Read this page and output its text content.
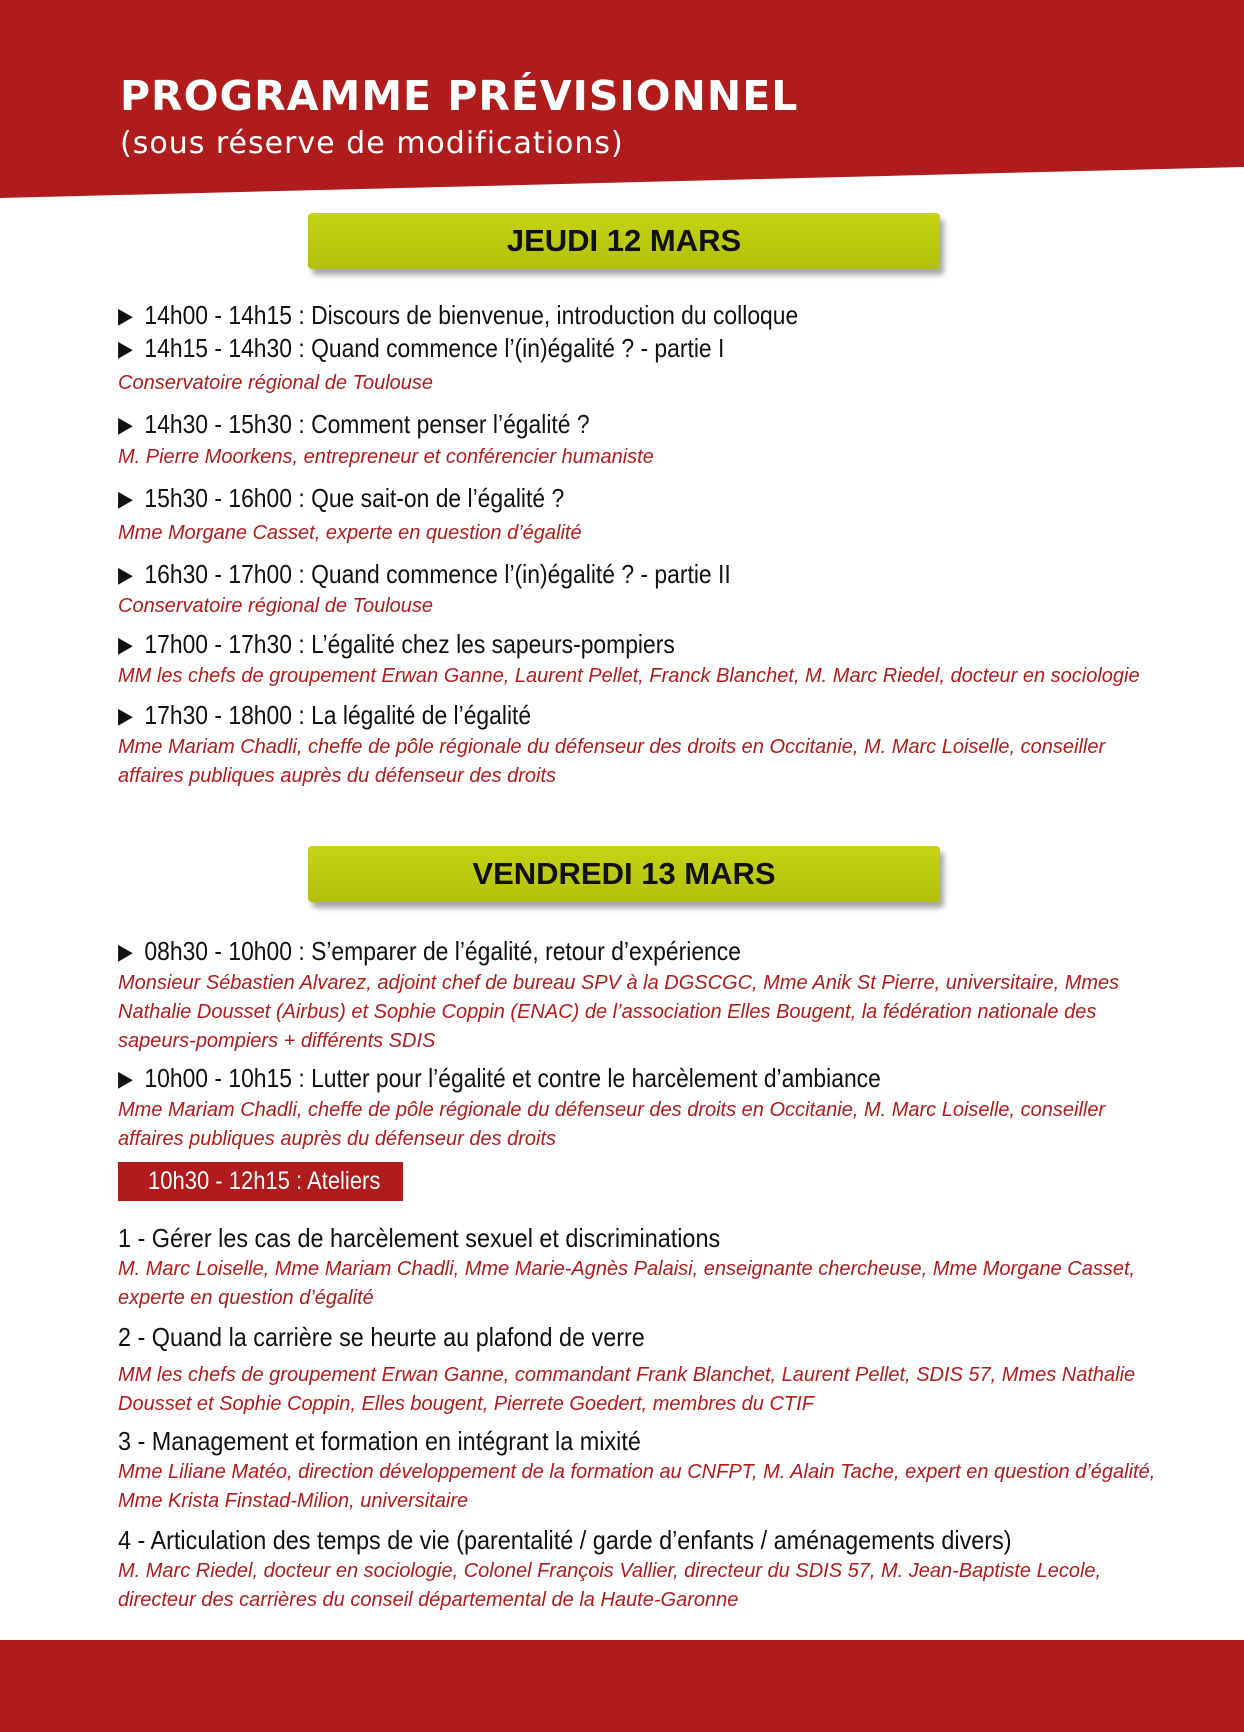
PROGRAMME PRÉVISIONNEL
(sous réserve de modifications)
JEUDI 12 MARS
▶ 14h00 - 14h15 : Discours de bienvenue, introduction du colloque
▶ 14h15 - 14h30 : Quand commence l’(in)égalité ? - partie I
Conservatoire régional de Toulouse
▶ 14h30 - 15h30 : Comment penser l’égalité ?
M. Pierre Moorkens, entrepreneur et conférencier humaniste
▶ 15h30 - 16h00 : Que sait-on de l’égalité ?
Mme Morgane Casset, experte en question d’égalité
▶ 16h30 - 17h00 : Quand commence l’(in)égalité ? - partie II
Conservatoire régional de Toulouse
▶ 17h00 - 17h30 : L’égalité chez les sapeurs-pompiers
MM les chefs de groupement Erwan Ganne, Laurent Pellet, Franck Blanchet, M. Marc Riedel, docteur en sociologie
▶ 17h30 - 18h00 : La légalité de l’égalité
Mme Mariam Chadli, cheffe de pôle régionale du défenseur des droits en Occitanie, M. Marc Loiselle, conseiller affaires publiques auprès du défenseur des droits
VENDREDI 13 MARS
▶ 08h30 - 10h00 : S’emparer de l’égalité, retour d’expérience
Monsieur Sébastien Alvarez, adjoint chef de bureau SPV à la DGSCGC, Mme Anik St Pierre, universitaire, Mmes Nathalie Dousset (Airbus) et Sophie Coppin (ENAC) de l’association Elles Bougent, la fédération nationale des sapeurs-pompiers + différents SDIS
▶ 10h00 - 10h15 : Lutter pour l’égalité et contre le harcèlement d’ambiance
Mme Mariam Chadli, cheffe de pôle régionale du défenseur des droits en Occitanie, M. Marc Loiselle, conseiller affaires publiques auprès du défenseur des droits
10h30 - 12h15 : Ateliers
1 - Gérer les cas de harcèlement sexuel et discriminations
M. Marc Loiselle, Mme Mariam Chadli, Mme Marie-Agnès Palaisi, enseignante chercheuse, Mme Morgane Casset, experte en question d’égalité
2 - Quand la carrière se heurte au plafond de verre
MM les chefs de groupement Erwan Ganne, commandant Frank Blanchet, Laurent Pellet, SDIS 57, Mmes Nathalie Dousset et Sophie Coppin, Elles bougent, Pierrete Goedert, membres du CTIF
3 - Management et formation en intégrant la mixité
Mme Liliane Matéo, direction développement de la formation au CNFPT, M. Alain Tache, expert en question d’égalité, Mme Krista Finstad-Milion, universitaire
4 - Articulation des temps de vie (parentalité / garde d’enfants / aménagements divers)
M. Marc Riedel, docteur en sociologie, Colonel François Vallier, directeur du SDIS 57, M. Jean-Baptiste Lecole, directeur des carrières du conseil départemental de la Haute-Garonne
